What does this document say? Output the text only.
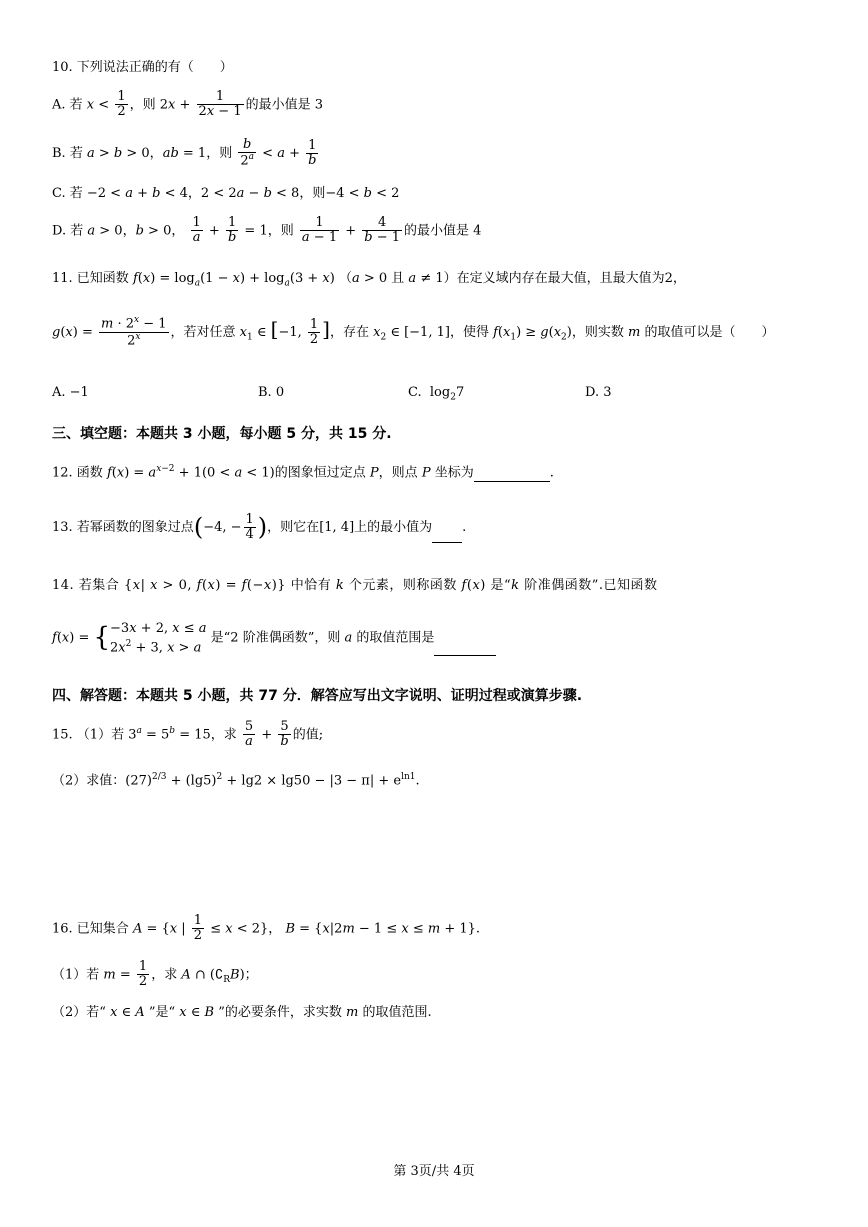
10. 下列说法正确的有（　　）
A. 若 $x < \frac{1}{2}$ ，则 $2x + \frac{1}{2x - 1}$ 的最小值是 3
B. 若 a > b > 0，ab = 1，则 $\frac{b}{2^a} < a + \frac{1}{b}$
C. 若 −2 < a + b < 4，2 < 2a − b < 8，则−4 < b < 2
D. 若 a > 0，b > 0， $\frac{1}{a} + \frac{1}{b} = 1$，则 $\frac{1}{a - 1} + \frac{4}{b - 1}$ 的最小值是 4
11. 已知函数 $f(x) = \log_a(1 - x) + \log_a(3 + x) (a > 0$ 且 a ≠ 1）在定义域内存在最大值，且最大值为2，
$g(x) = \frac{m \cdot 2^x - 1}{2^x}$ ，若对任意 $x_1$ ∈ [−1, $\frac{1}{2}$ ]，存在 $x_2$ ∈ [−1, 1]，使得 $f(x_1) \ge g(x_2)$，则实数 m 的取值可以是（　　）
A. −1	B. 0	C.  $\log_27$	D. 3
三、填空题：本题共 3 小题，每小题 5 分，共 15 分.
12. 函数 $f(x) = a^{x-2} + 1(0 < a < 1)$的图象恒过定点 P，则点 P 坐标为	.
13. 若幂函数的图象过点(−4, − $\frac{1}{4}$ )，则它在[1, 4]上的最小值为 .
14. 若集合 {x| x > 0, f(x) = f(−x)} 中恰有 k 个元素，则称函数 f(x) 是“k 阶准偶函数”.已知函数
f(x) = {−3x + 2, x ≤ a
$2x^2 + 3$, x > a 是“2 阶准偶函数”，则 a 的取值范围是
四、解答题：本题共 5 小题，共 77 分．解答应写出文字说明、证明过程或演算步骤.
15. （1）若 $3^a = 5^b = 15$，求 $\frac{5}{a} + \frac{5}{b}$ 的值;
（2）求值：$(27)^{2/3} + (\lg 5)^2 + \lg 2 \times \lg 50 - |3 - \pi| + e^{ln1}$.
16. 已知集合 A = {x | $\frac{1}{2} \le x < 2$}， B = {x|2m − 1 ≤ x ≤ m + 1}.
（1）若 $m = \frac{1}{2}$ ，求 A ∩ $(∁_RB)$；
（2）若“ x ∈ A ”是“ x ∈ B ”的必要条件，求实数 m 的取值范围.
第 3页/共 4页
